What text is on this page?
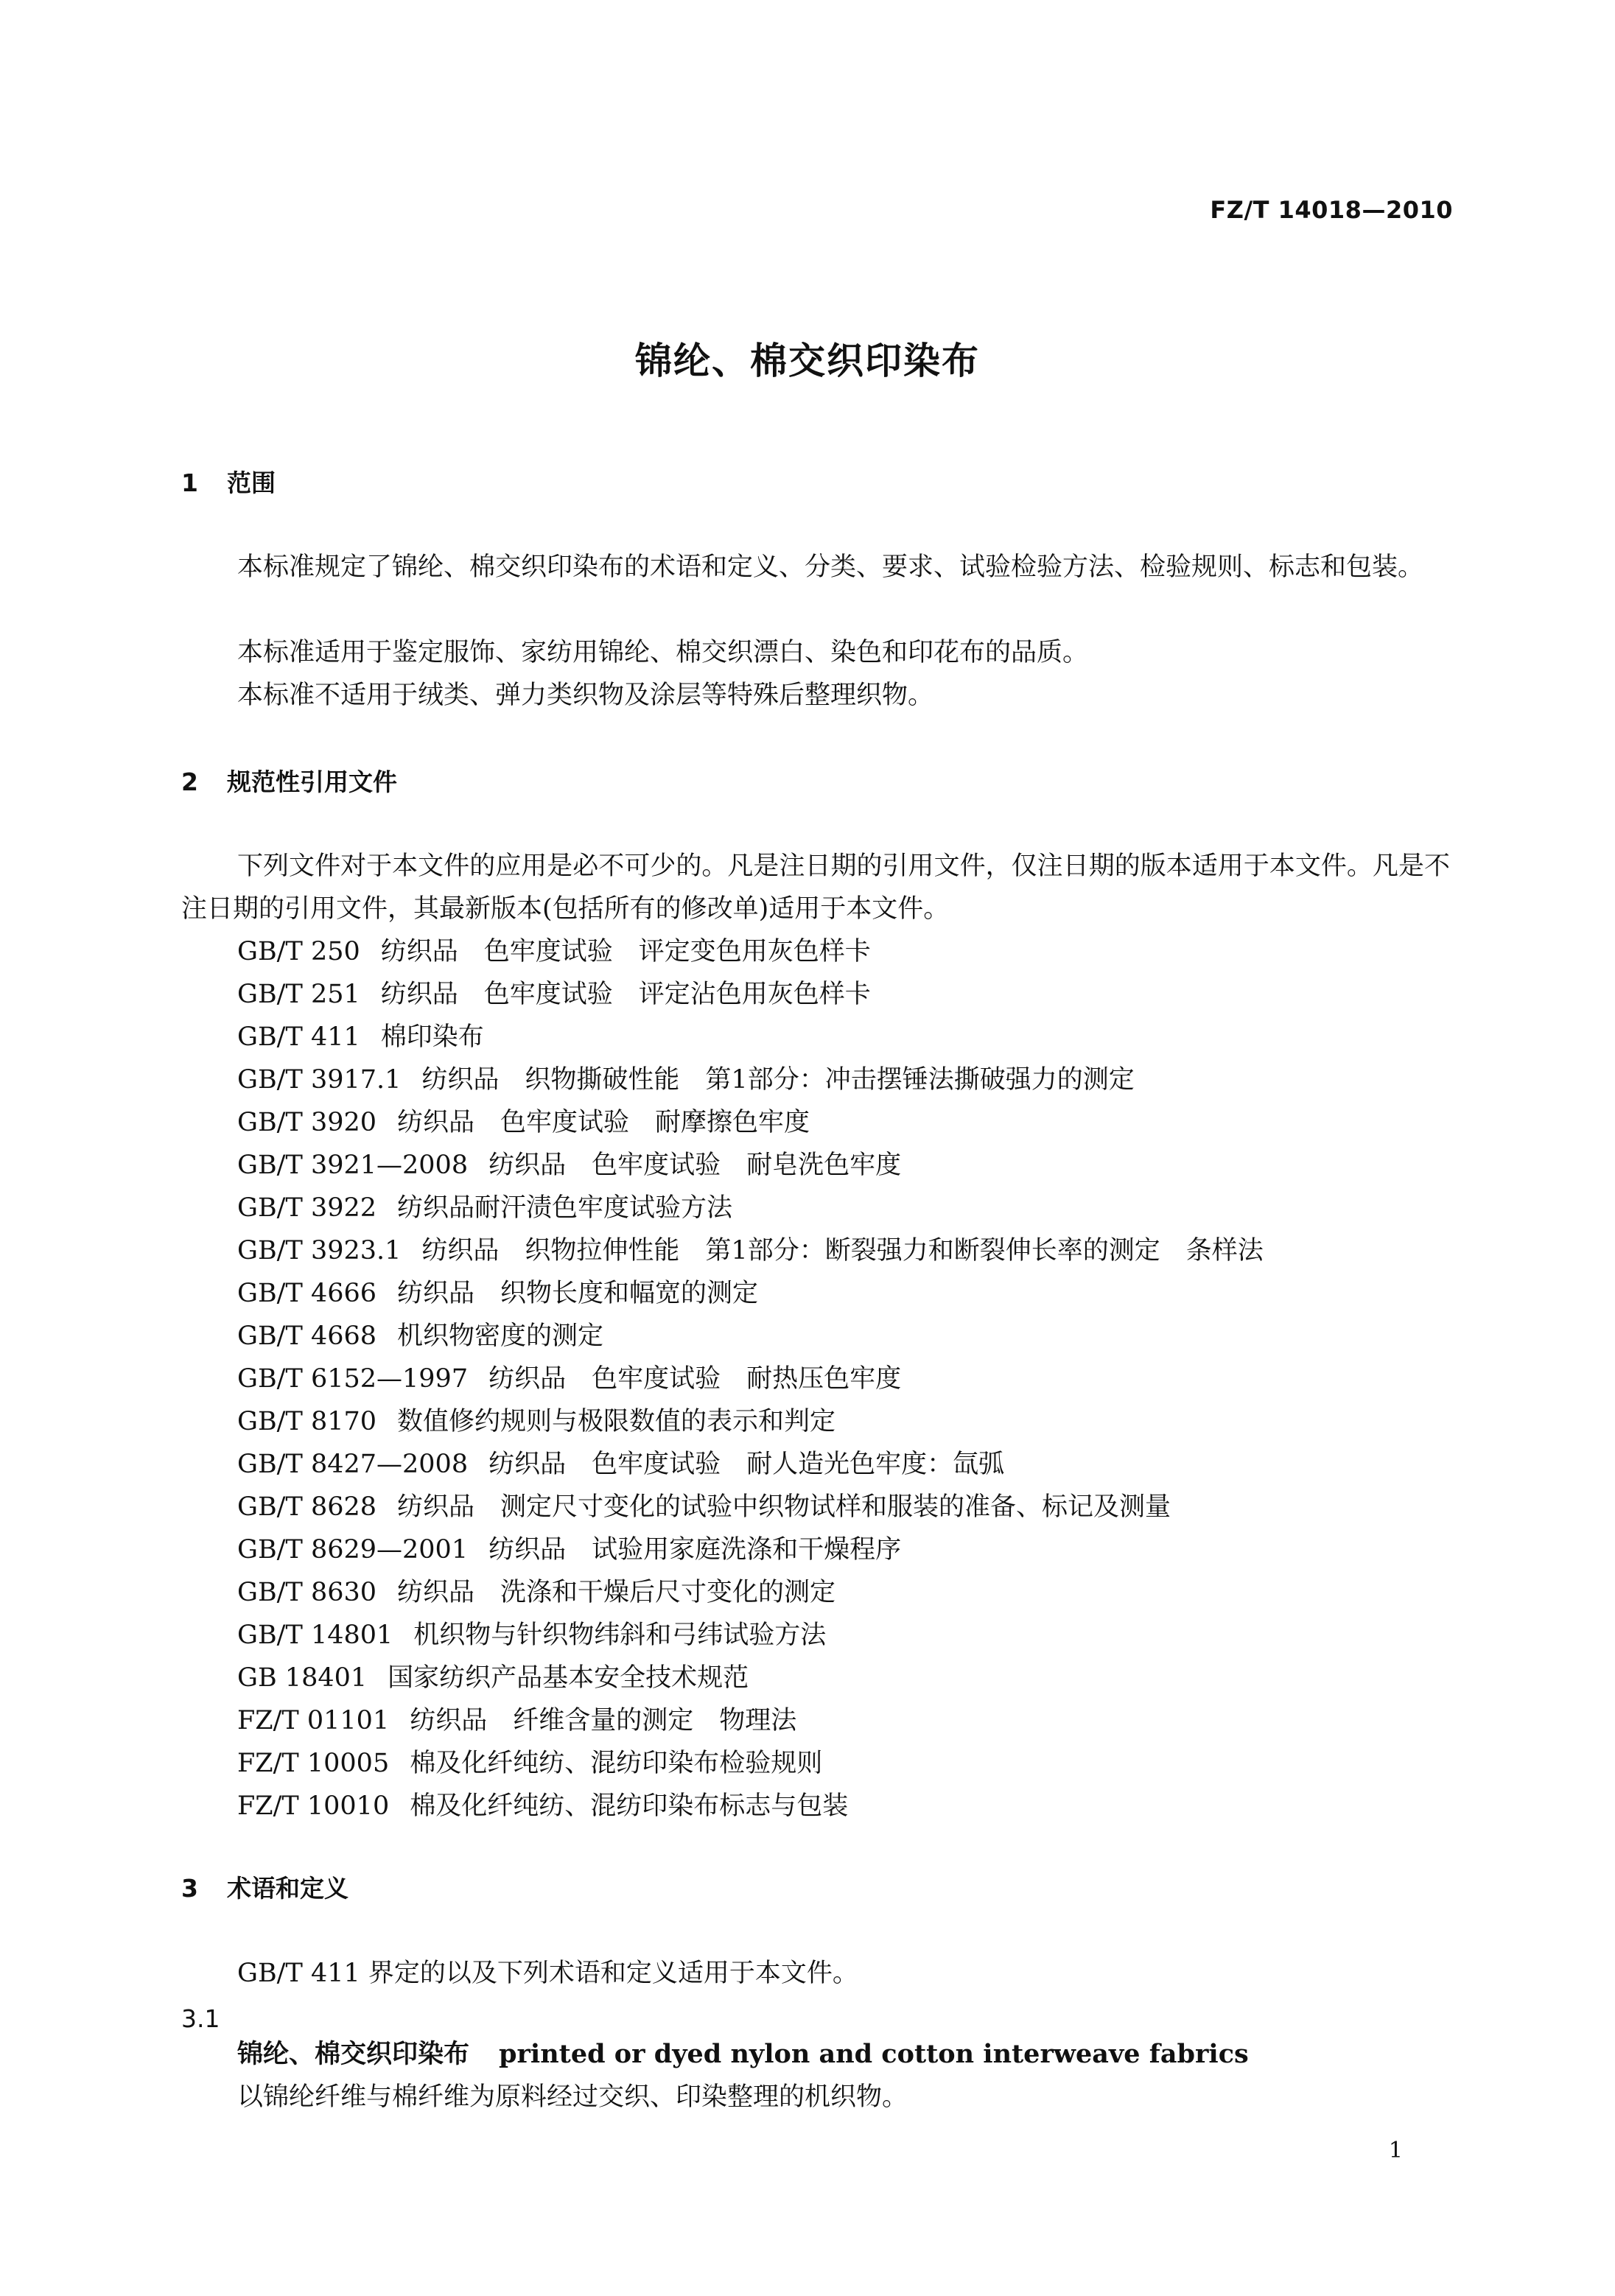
FZ/T 14018—2010
锦纶、棉交织印染布
1 范围
本标准规定了锦纶、棉交织印染布的术语和定义、分类、要求、试验检验方法、检验规则、标志和包装。
本标准适用于鉴定服饰、家纺用锦纶、棉交织漂白、染色和印花布的品质。
本标准不适用于绒类、弹力类织物及涂层等特殊后整理织物。
2 规范性引用文件
下列文件对于本文件的应用是必不可少的。凡是注日期的引用文件，仅注日期的版本适用于本文件。凡是不注日期的引用文件，其最新版本(包括所有的修改单)适用于本文件。
GB/T 250 纺织品　色牢度试验　评定变色用灰色样卡
GB/T 251 纺织品　色牢度试验　评定沾色用灰色样卡
GB/T 411 棉印染布
GB/T 3917.1 纺织品　织物撕破性能　第1部分：冲击摆锤法撕破强力的测定
GB/T 3920 纺织品　色牢度试验　耐摩擦色牢度
GB/T 3921—2008 纺织品　色牢度试验　耐皂洗色牢度
GB/T 3922 纺织品耐汗渍色牢度试验方法
GB/T 3923.1 纺织品　织物拉伸性能　第1部分：断裂强力和断裂伸长率的测定　条样法
GB/T 4666 纺织品　织物长度和幅宽的测定
GB/T 4668 机织物密度的测定
GB/T 6152—1997 纺织品　色牢度试验　耐热压色牢度
GB/T 8170 数值修约规则与极限数值的表示和判定
GB/T 8427—2008 纺织品　色牢度试验　耐人造光色牢度：氙弧
GB/T 8628 纺织品　测定尺寸变化的试验中织物试样和服装的准备、标记及测量
GB/T 8629—2001 纺织品　试验用家庭洗涤和干燥程序
GB/T 8630 纺织品　洗涤和干燥后尺寸变化的测定
GB/T 14801 机织物与针织物纬斜和弓纬试验方法
GB 18401 国家纺织产品基本安全技术规范
FZ/T 01101 纺织品　纤维含量的测定　物理法
FZ/T 10005 棉及化纤纯纺、混纺印染布检验规则
FZ/T 10010 棉及化纤纯纺、混纺印染布标志与包装
3 术语和定义
GB/T 411 界定的以及下列术语和定义适用于本文件。
3.1
锦纶、棉交织印染布 printed or dyed nylon and cotton interweave fabrics
以锦纶纤维与棉纤维为原料经过交织、印染整理的机织物。
1
